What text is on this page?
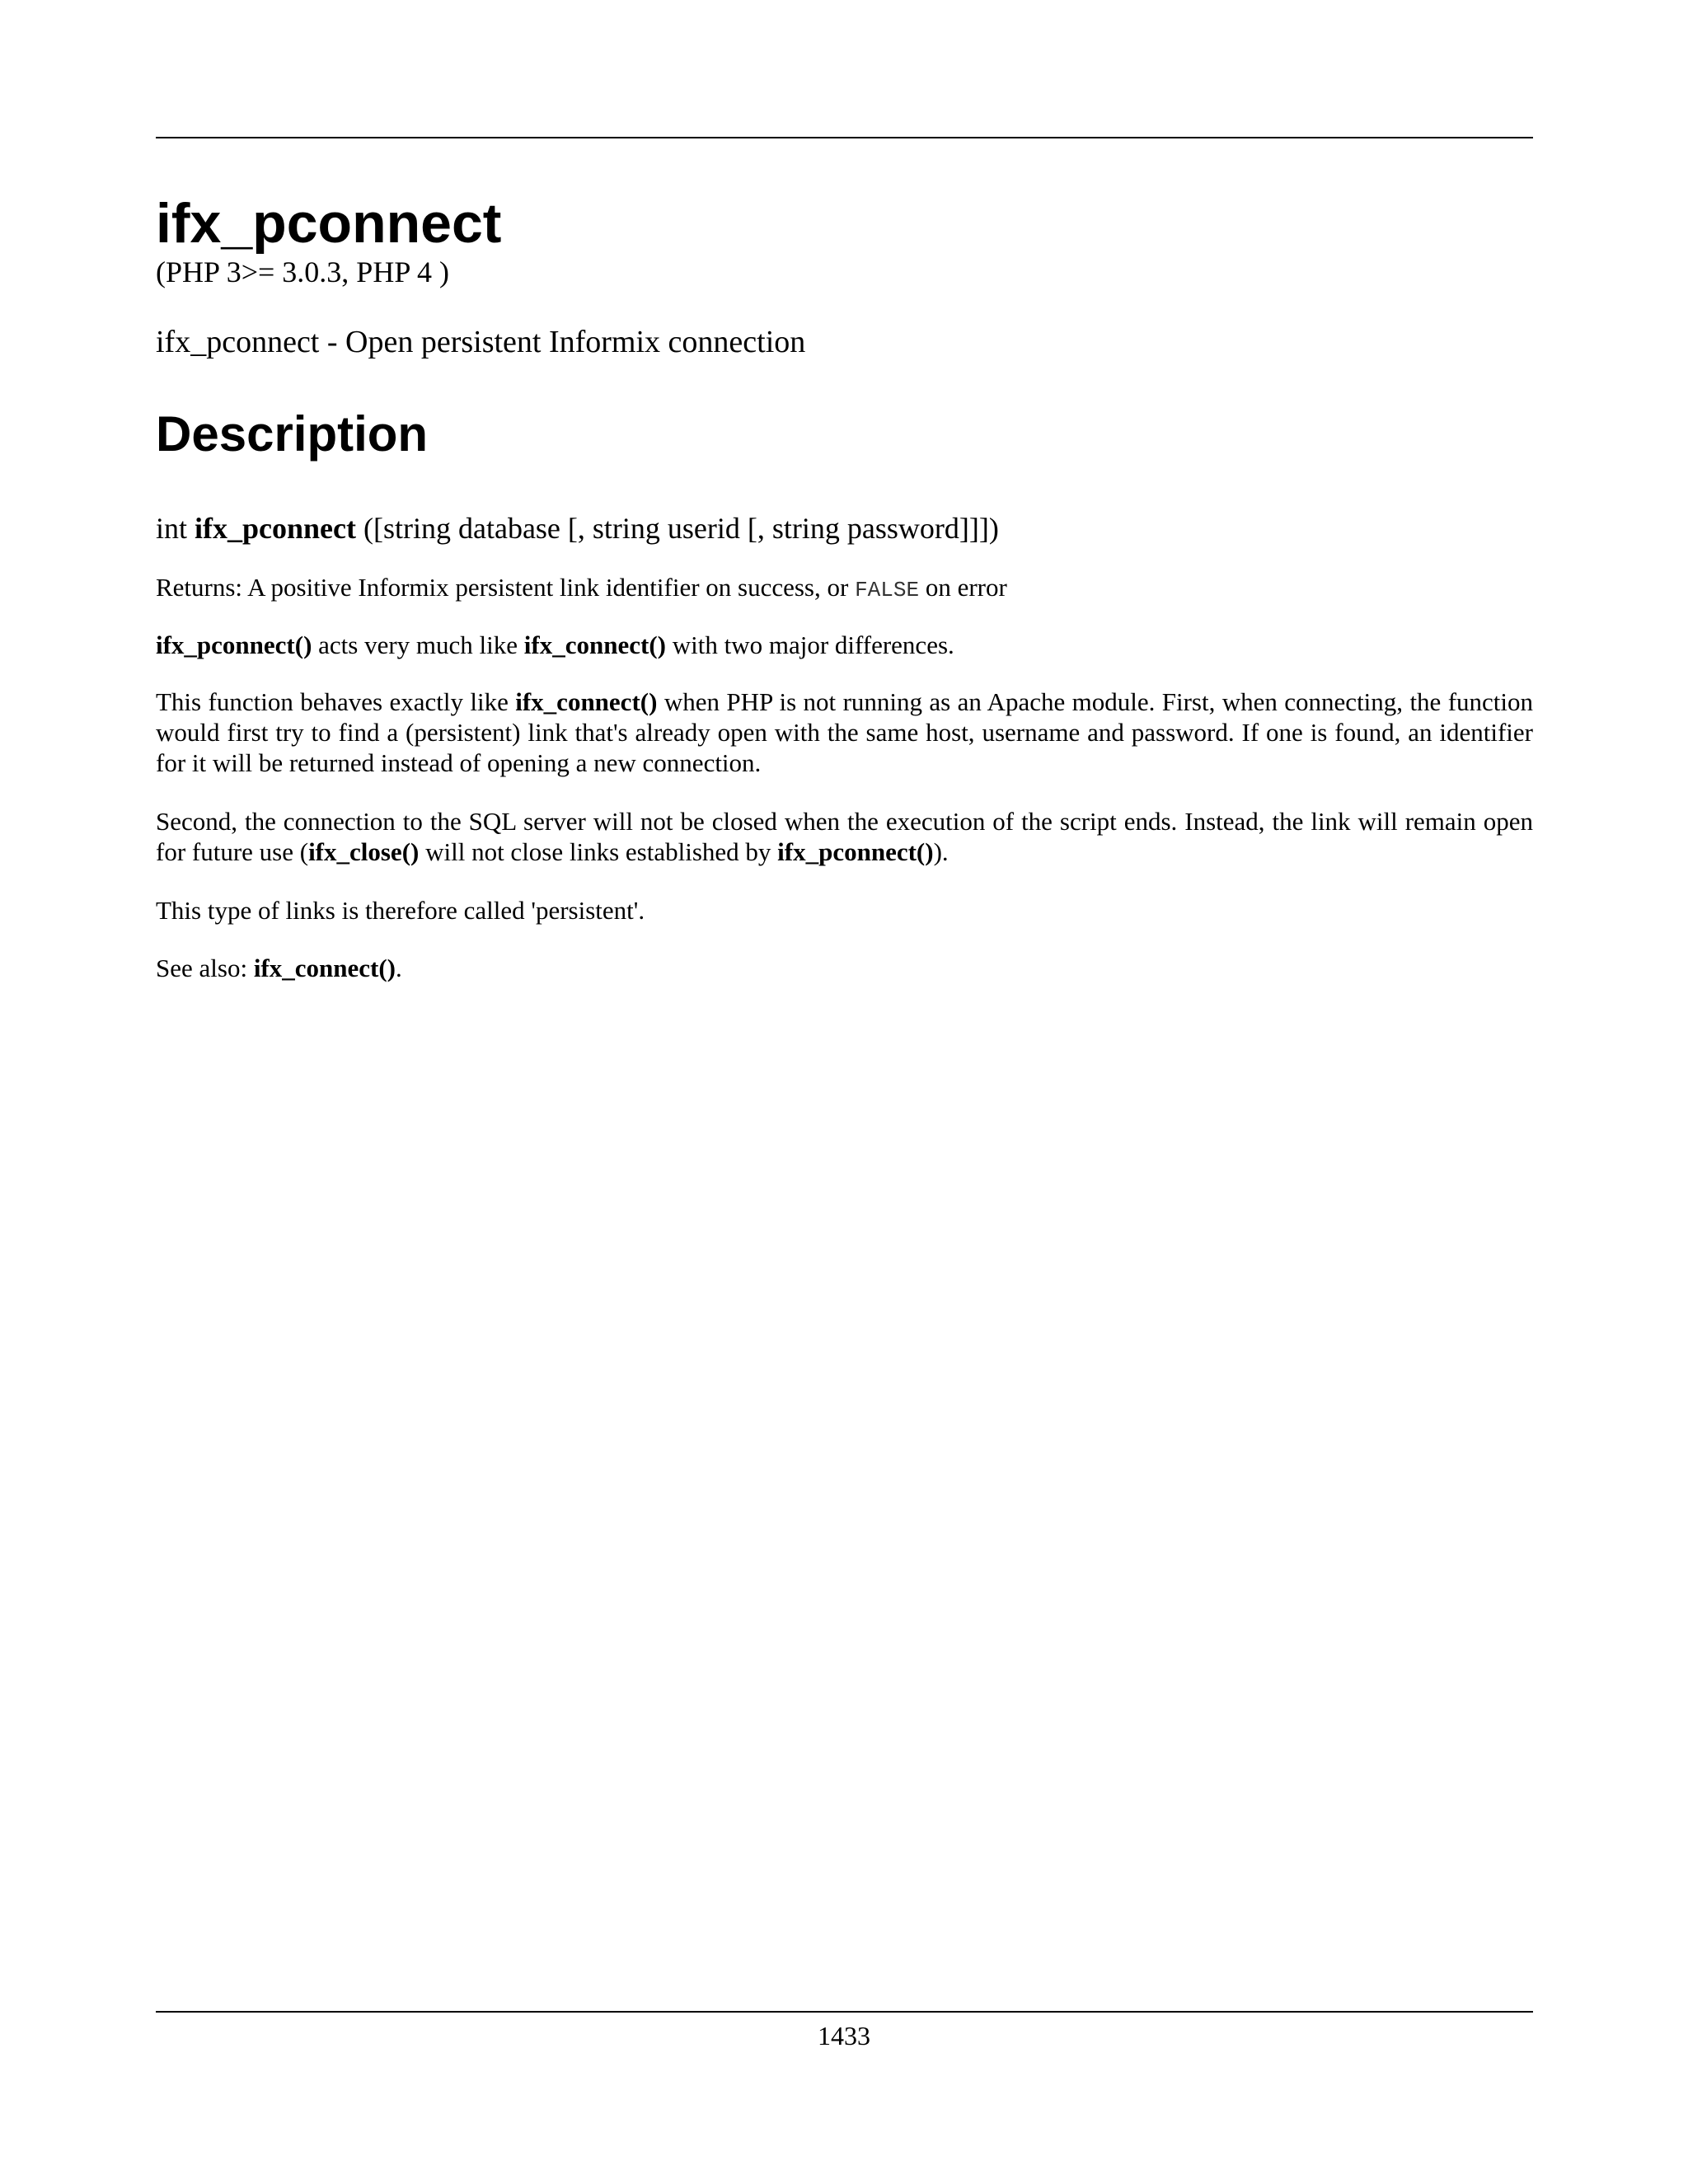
ifx_pconnect
(PHP 3>= 3.0.3, PHP 4 )
ifx_pconnect - Open persistent Informix connection
Description
int ifx_pconnect ([string database [, string userid [, string password]]])

Returns: A positive Informix persistent link identifier on success, or FALSE on error

ifx_pconnect() acts very much like ifx_connect() with two major differences.

This function behaves exactly like ifx_connect() when PHP is not running as an Apache module. First, when connecting, the function would first try to find a (persistent) link that's already open with the same host, username and password. If one is found, an identifier for it will be returned instead of opening a new connection.

Second, the connection to the SQL server will not be closed when the execution of the script ends. Instead, the link will remain open for future use (ifx_close() will not close links established by ifx_pconnect()).

This type of links is therefore called 'persistent'.

See also: ifx_connect().

1433
